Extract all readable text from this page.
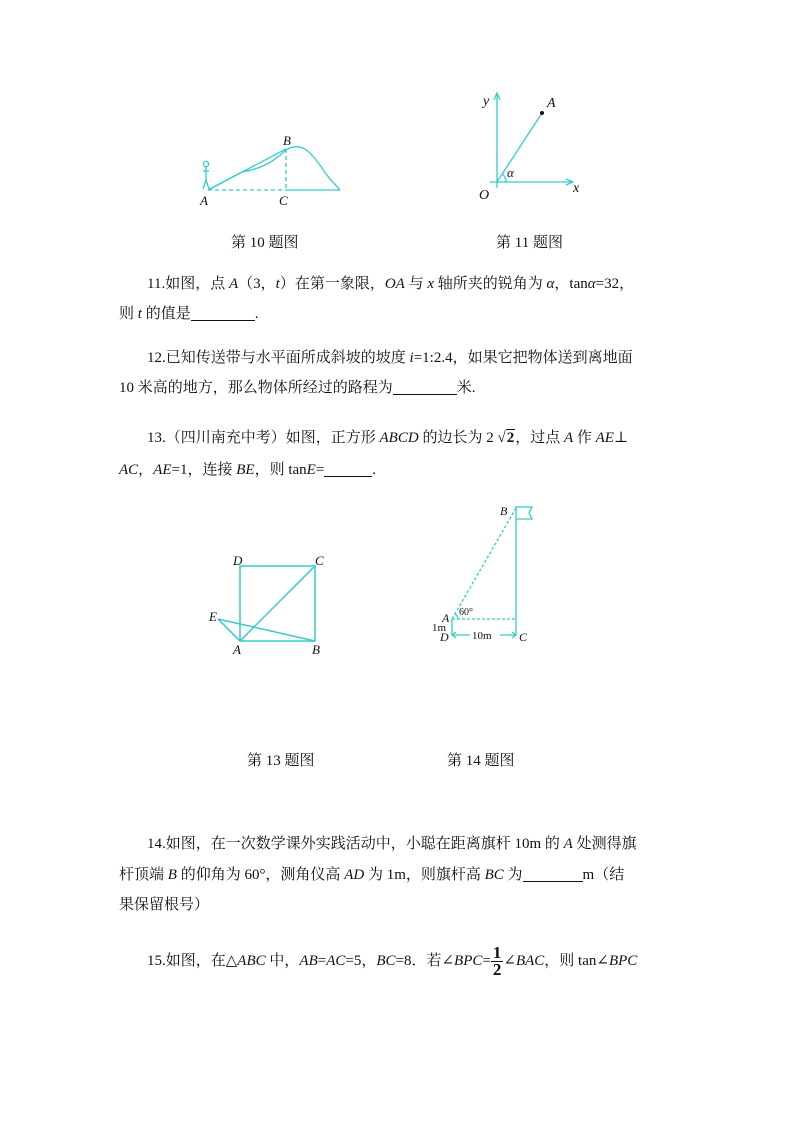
A
B
C
第 10 题图
y	A
α
x
O
第 11 题图
11.如图，点 A（3，t）在第一象限，OA 与 x 轴所夹的锐角为 α，tanα=32，
则 t 的值是	.
12.已知传送带与水平面所成斜坡的坡度 i=1:2.4，如果它把物体送到离地面
10 米高的地方，那么物体所经过的路程为	米.
13.（四川南充中考）如图，正方形 ABCD 的边长为 2 √2，过点 A 作 AE⊥
AC，AE=1，连接 BE，则 tanE=	.
D	C
E
A	B
B
60°
A
1m
D 10m C
第 13 题图	第 14 题图
14.如图，在一次数学课外实践活动中，小聪在距离旗杆 10m 的 A 处测得旗
杆顶端 B 的仰角为 60°，测角仪高 AD 为 1m，则旗杆高 BC 为	m（结
果保留根号）
15.如图，在△ABC 中，AB=AC=5，BC=8．若∠BPC= $\frac{1}{2}$ ∠BAC，则 tan∠BPC
